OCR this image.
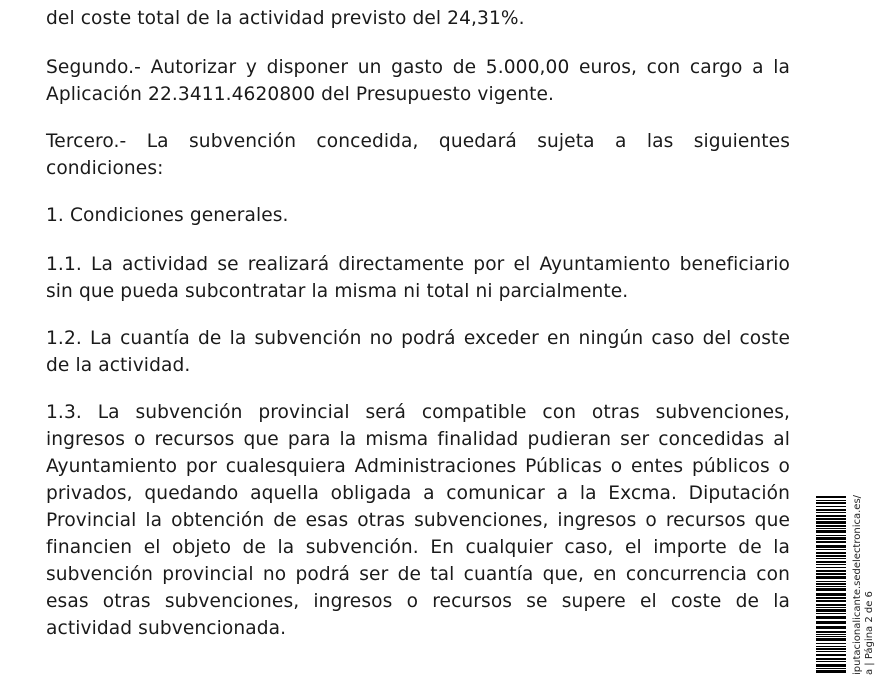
del coste total de la actividad previsto del 24,31%.

Segundo.- Autorizar y disponer un gasto de 5.000,00 euros, con cargo a la Aplicación 22.3411.4620800 del Presupuesto vigente.

Tercero.- La subvención concedida, quedará sujeta a las siguientes condiciones:

1. Condiciones generales.

1.1. La actividad se realizará directamente por el Ayuntamiento beneficiario sin que pueda subcontratar la misma ni total ni parcialmente.

1.2. La cuantía de la subvención no podrá exceder en ningún caso del coste de la actividad.

1.3. La subvención provincial será compatible con otras subvenciones, ingresos o recursos que para la misma finalidad pudieran ser concedidas al Ayuntamiento por cualesquiera Administraciones Públicas o entes públicos o privados, quedando aquella obligada a comunicar a la Excma. Diputación Provincial la obtención de esas otras subvenciones, ingresos o recursos que financien el objeto de la subvención. En cualquier caso, el importe de la subvención provincial no podrá ser de tal cuantía que, en concurrencia con esas otras subvenciones, ingresos o recursos se supere el coste de la actividad subvencionada.	iputacionalicante.sedelectronica.es/ a | Página 2 de 6
